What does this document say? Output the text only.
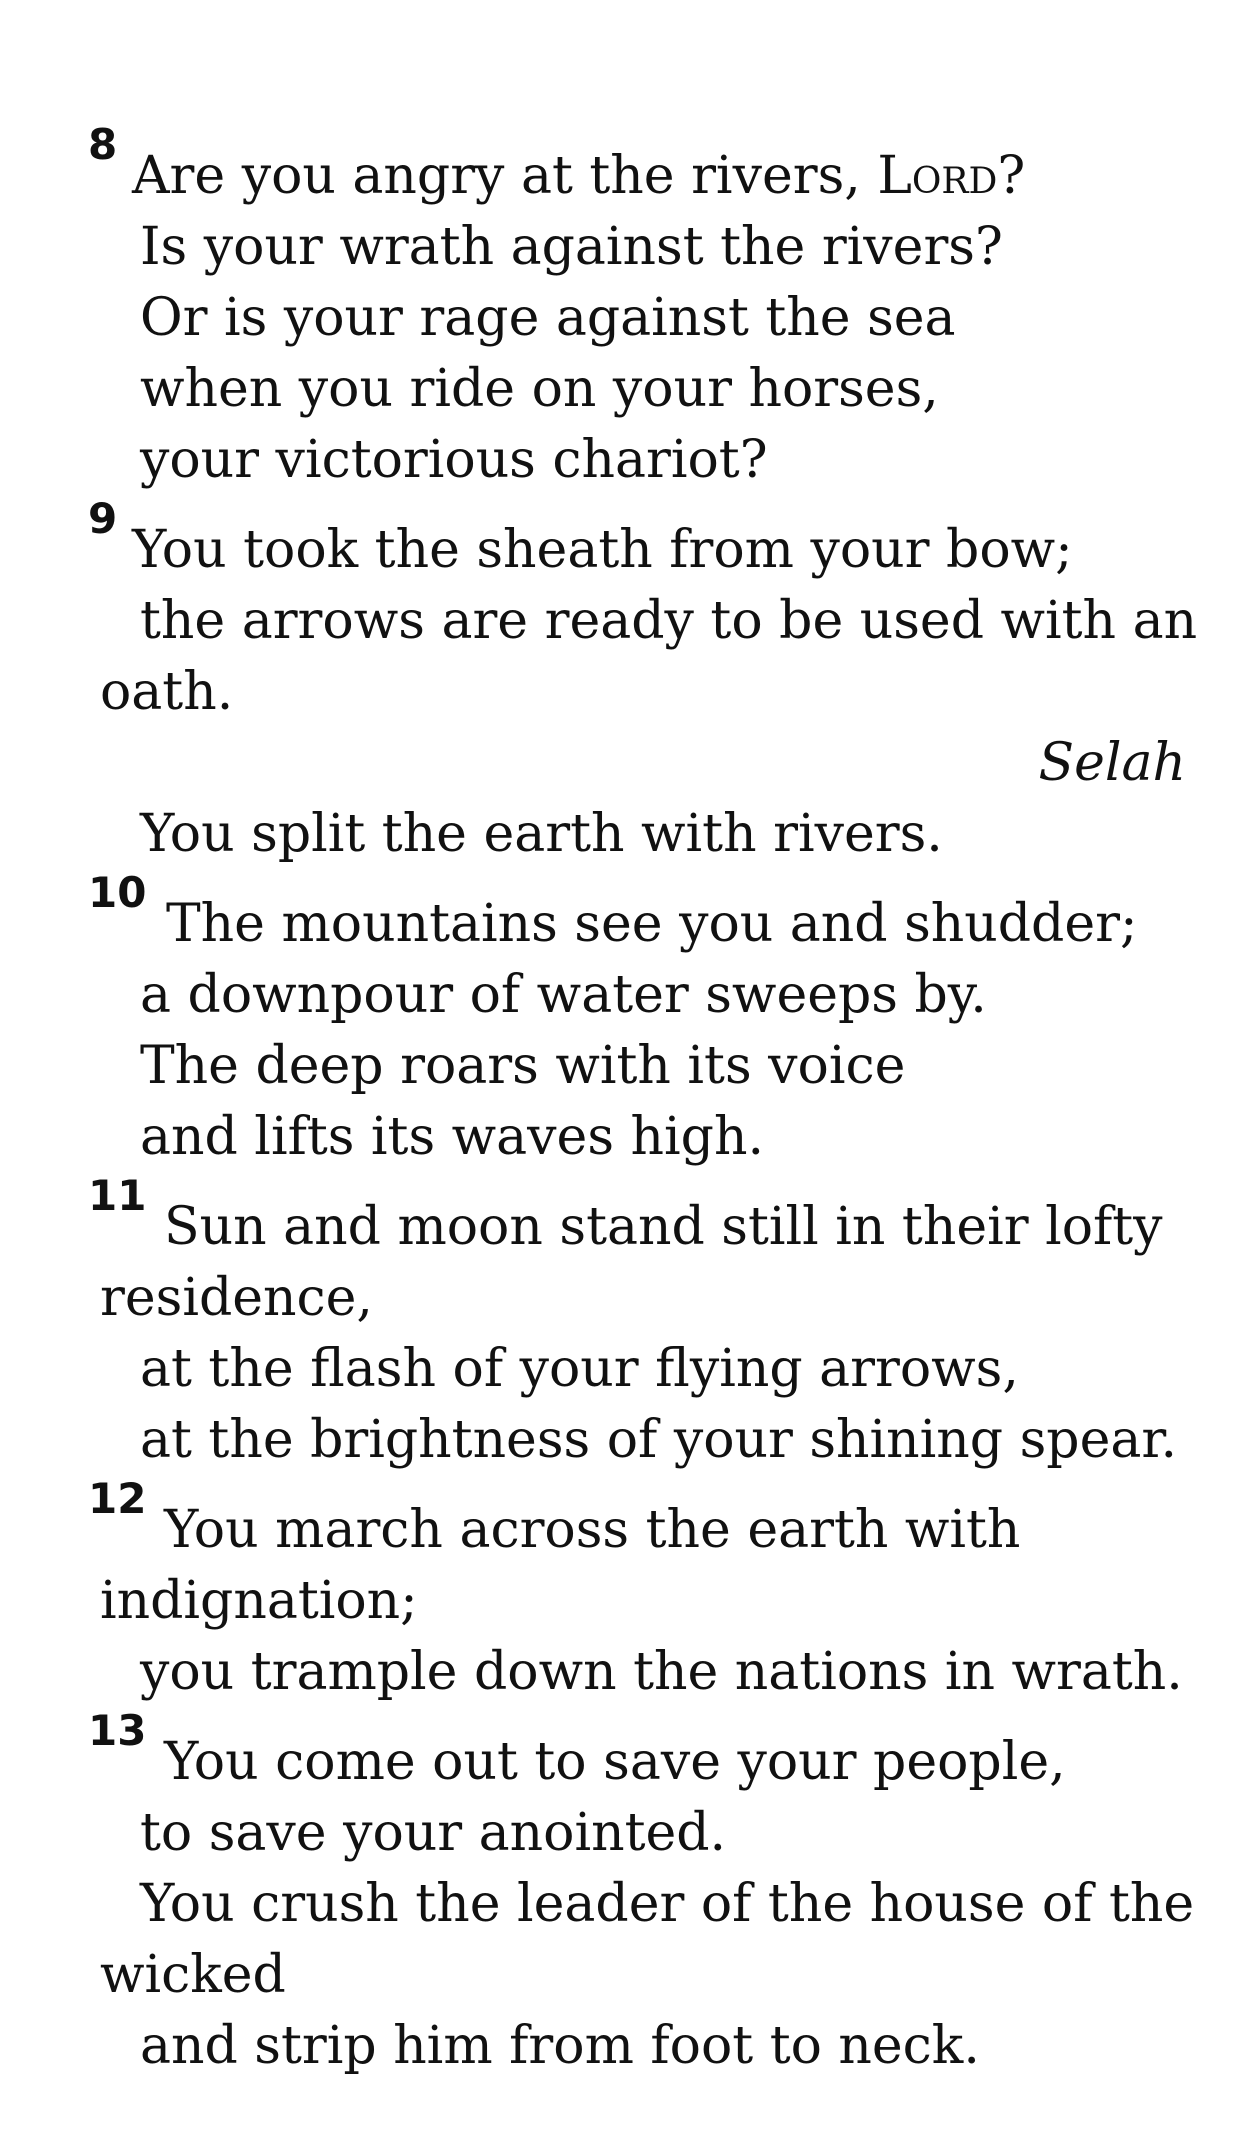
8
Are you angry at the rivers, Lord?
Is your wrath against the rivers?
Or is your rage against the sea
when you ride on your horses,
your victorious chariot?
9
You took the sheath from your bow;
the arrows are ready to be used with an
oath.
Selah
You split the earth with rivers.
10
The mountains see you and shudder;
a downpour of water sweeps by.
The deep roars with its voice
and lifts its waves high.
11
Sun and moon stand still in their lofty
residence,
at the flash of your flying arrows,
at the brightness of your shining spear.
12
You march across the earth with
indignation;
you trample down the nations in wrath.
13
You come out to save your people,
to save your anointed.
You crush the leader of the house of the
wicked
and strip him from foot to neck.
